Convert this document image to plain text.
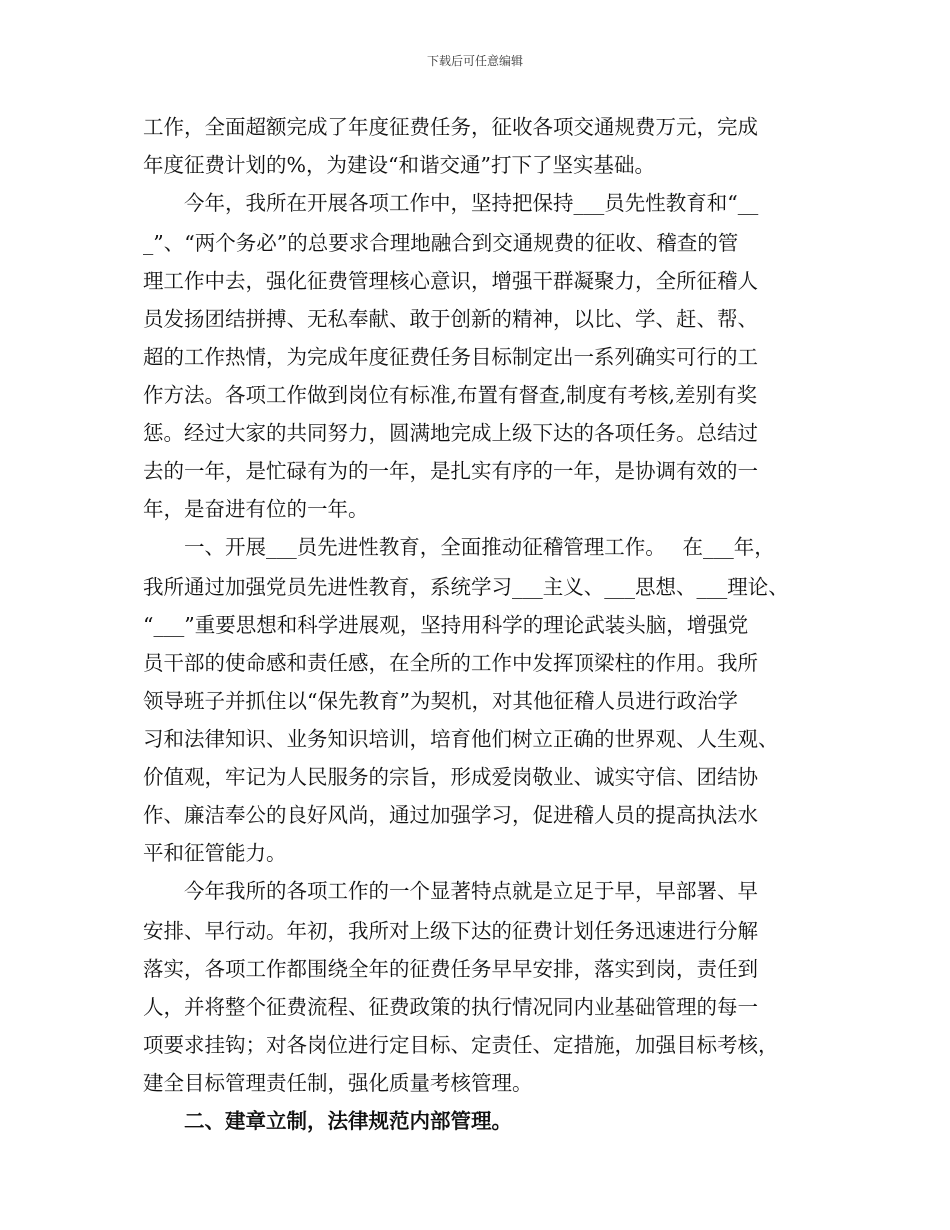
下载后可任意编辑
工作，全面超额完成了年度征费任务，征收各项交通规费万元，完成
年度征费计划的%，为建设“和谐交通”打下了坚实基础。
　　今年，我所在开展各项工作中，坚持把保持___员先性教育和“__
_”、“两个务必”的总要求合理地融合到交通规费的征收、稽查的管
理工作中去，强化征费管理核心意识，增强干群凝聚力，全所征稽人
员发扬团结拼搏、无私奉献、敢于创新的精神，以比、学、赶、帮、
超的工作热情，为完成年度征费任务目标制定出一系列确实可行的工
作方法。各项工作做到岗位有标准,布置有督查,制度有考核,差别有奖
惩。经过大家的共同努力，圆满地完成上级下达的各项任务。总结过
去的一年，是忙碌有为的一年，是扎实有序的一年，是协调有效的一
年，是奋进有位的一年。
　　一、开展___员先进性教育，全面推动征稽管理工作。　 在___年，
我所通过加强党员先进性教育，系统学习___主义、___思想、___理论、
“___”重要思想和科学进展观，坚持用科学的理论武装头脑，增强党
员干部的使命感和责任感，在全所的工作中发挥顶梁柱的作用。我所
领导班子并抓住以“保先教育”为契机，对其他征稽人员进行政治学
习和法律知识、业务知识培训，培育他们树立正确的世界观、人生观、
价值观，牢记为人民服务的宗旨，形成爱岗敬业、诚实守信、团结协
作、廉洁奉公的良好风尚，通过加强学习，促进稽人员的提高执法水
平和征管能力。
　　今年我所的各项工作的一个显著特点就是立足于早，早部署、早
安排、早行动。年初，我所对上级下达的征费计划任务迅速进行分解
落实，各项工作都围绕全年的征费任务早早安排，落实到岗，责任到
人，并将整个征费流程、征费政策的执行情况同内业基础管理的每一
项要求挂钩；对各岗位进行定目标、定责任、定措施，加强目标考核，
建全目标管理责任制，强化质量考核管理。
　　二、建章立制，法律规范内部管理。
